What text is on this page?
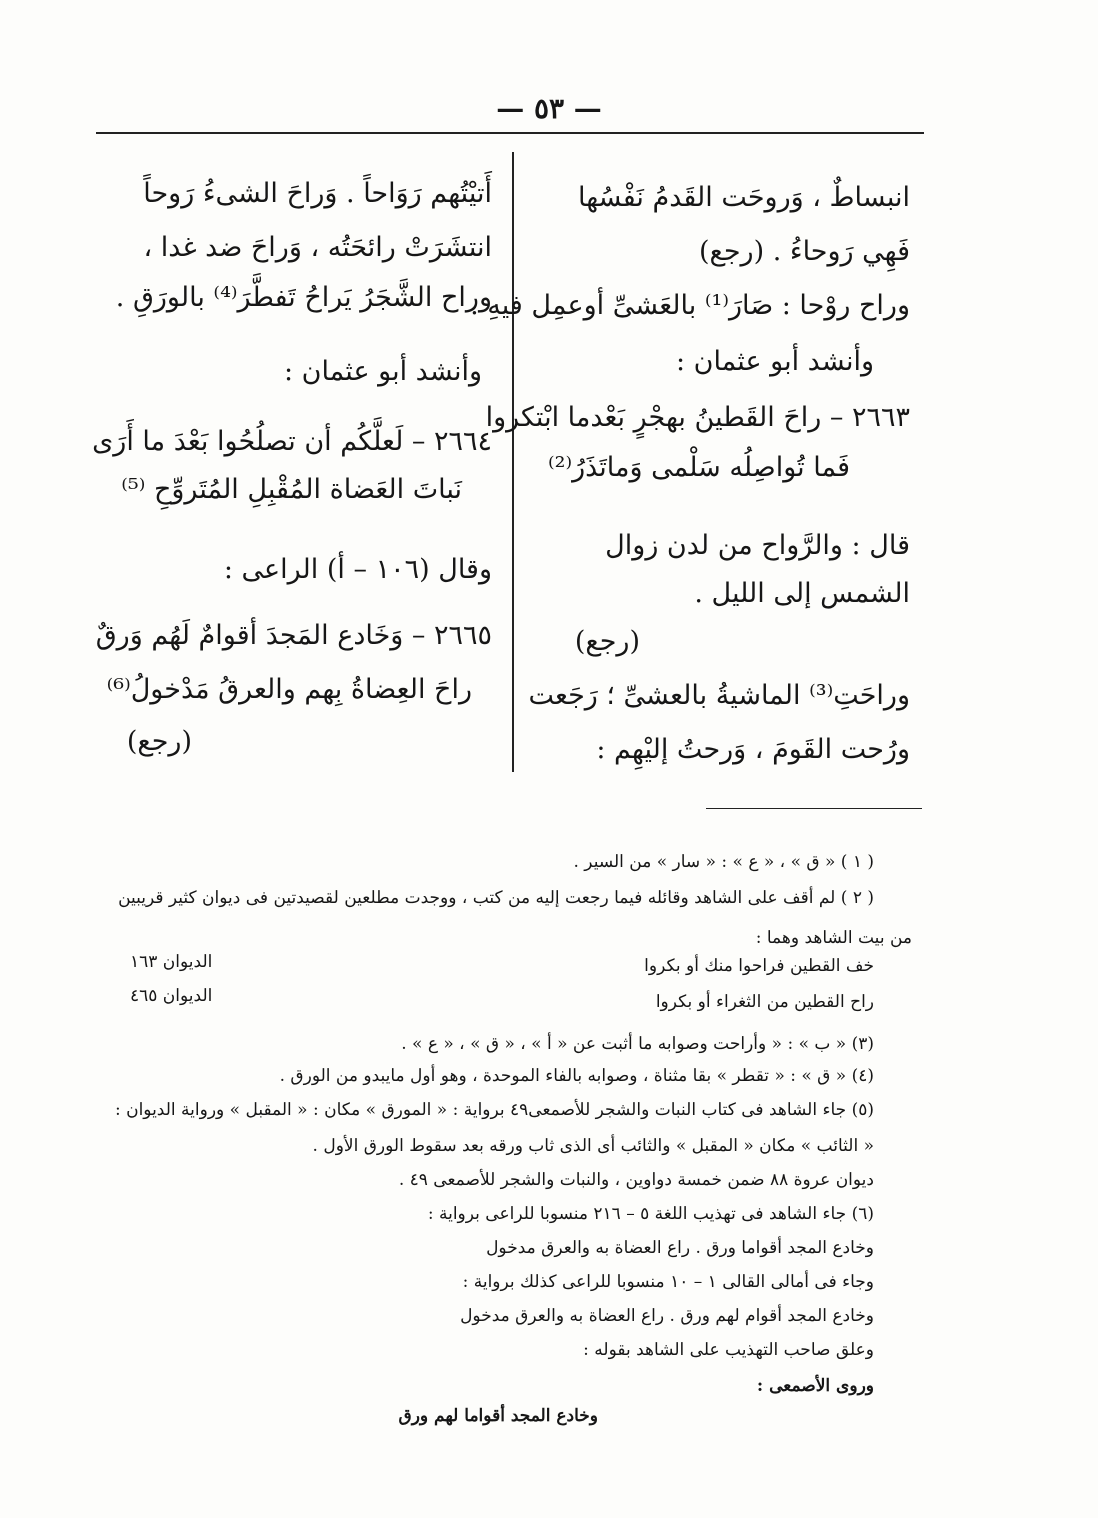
— ٥٣ —
انبساطٌ ، وَروحَت القَدمُ نَفْسُها
فَهِي رَوحاءُ . (رجع)
وراح روْحا : صَارَ⁽¹⁾ بالعَشىِّ أوعمِل فيهِ .
وأنشد أبو عثمان :
٢٦٦٣ – راحَ القَطينُ بهجْرٍ بَعْدما ابْتكروا
فَما تُواصِلُه سَلْمى وَماتَذَرُ⁽²⁾
قال : والرَّواح من لدن زوال
الشمس إلى الليل .
(رجع)
وراحَتِ⁽³⁾ الماشيةُ بالعشىِّ ؛ رَجَعت
ورُحت القَومَ ، وَرحتُ إليْهِم :
أَتيْتُهم رَوَاحاً . وَراحَ الشىءُ رَوحاً
انتشَرَتْ رائحَتُه ، وَراحَ ضد غدا ،
وراح الشَّجَرُ يَراحُ تَفطَّرَ⁽⁴⁾ بالورَقِ .
وأنشد أبو عثمان :
٢٦٦٤ – لَعلَّكُم أن تصلُحُوا بَعْدَ ما أَرَى
نَباتَ العَضاة المُقْبِلِ المُتَروِّحِ ⁽⁵⁾
وقال (١٠٦ – أ) الراعى :
٢٦٦٥ – وَخَادع المَجدَ أقوامٌ لَهُم وَرقٌ
راحَ العِضاةُ بِهم والعرقُ مَدْخولُ⁽⁶⁾
(رجع)
( ١ ) « ق » ، « ع » : « سار » من السير .
( ٢ ) لم أقف على الشاهد وقائله فيما رجعت إليه من كتب ، ووجدت مطلعين لقصيدتين فى ديوان كثير قريبين
من بيت الشاهد وهما :
خف القطين فراحوا منك أو بكروا
الديوان ١٦٣
راح القطين من الثغراء أو بكروا
الديوان ٤٦٥
(٣) « ب » : « وأراحت وصوابه ما أثبت عن « أ » ، « ق » ، « ع » .
(٤) « ق » : « تقطر » بقا مثناة ، وصوابه بالفاء الموحدة ، وهو أول مايبدو من الورق .
(٥) جاء الشاهد فى كتاب النبات والشجر للأصمعى٤٩ برواية : « المورق » مكان : « المقبل » ورواية الديوان :
« الثائب » مكان « المقبل » والثائب أى الذى ثاب ورقه بعد سقوط الورق الأول .
ديوان عروة ٨٨ ضمن خمسة دواوين ، والنبات والشجر للأصمعى ٤٩ .
(٦) جاء الشاهد فى تهذيب اللغة ٥ – ٢١٦ منسوبا للراعى برواية :
وخادع المجد أقواما ورق . راع العضاة به والعرق مدخول
وجاء فى أمالى القالى ١ – ١٠ منسوبا للراعى كذلك برواية :
وخادع المجد أقوام لهم ورق . راع العضاة به والعرق مدخول
وعلق صاحب التهذيب على الشاهد بقوله :
وروى الأصمعى :
وخادع المجد أقواما لهم ورق
